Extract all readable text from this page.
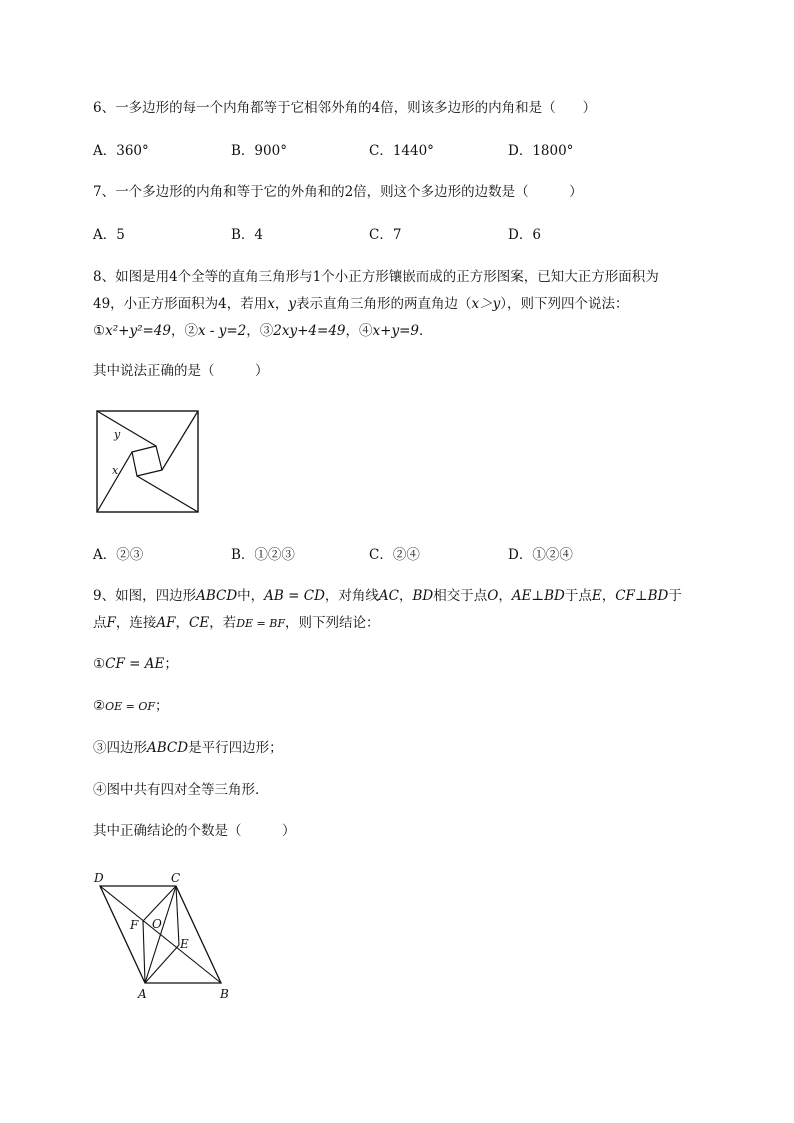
6、一多边形的每一个内角都等于它相邻外角的4倍，则该多边形的内角和是（　　）
A．360°	B．900°	C．1440°	D．1800°
7、一个多边形的内角和等于它的外角和的2倍，则这个多边形的边数是（　　　）
A．5	B．4	C．7	D．6
8、如图是用4个全等的直角三角形与1个小正方形镶嵌而成的正方形图案，已知大正方形面积为
49，小正方形面积为4，若用x，y表示直角三角形的两直角边（x＞y），则下列四个说法：
①x²+y²=49，②x - y=2，③2xy+4=49，④x+y=9．
其中说法正确的是（　　　）
y
x
A．②③	B．①②③	C．②④	D．①②④
9、如图，四边形ABCD中，AB = CD，对角线AC，BD相交于点O，AE⊥BD于点E，CF⊥BD于
点F，连接AF，CE，若DE = BF，则下列结论：
①CF = AE；
②OE = OF；
③四边形ABCD是平行四边形；
④图中共有四对全等三角形．
其中正确结论的个数是（　　　）
D	C
F O
E
A	B
